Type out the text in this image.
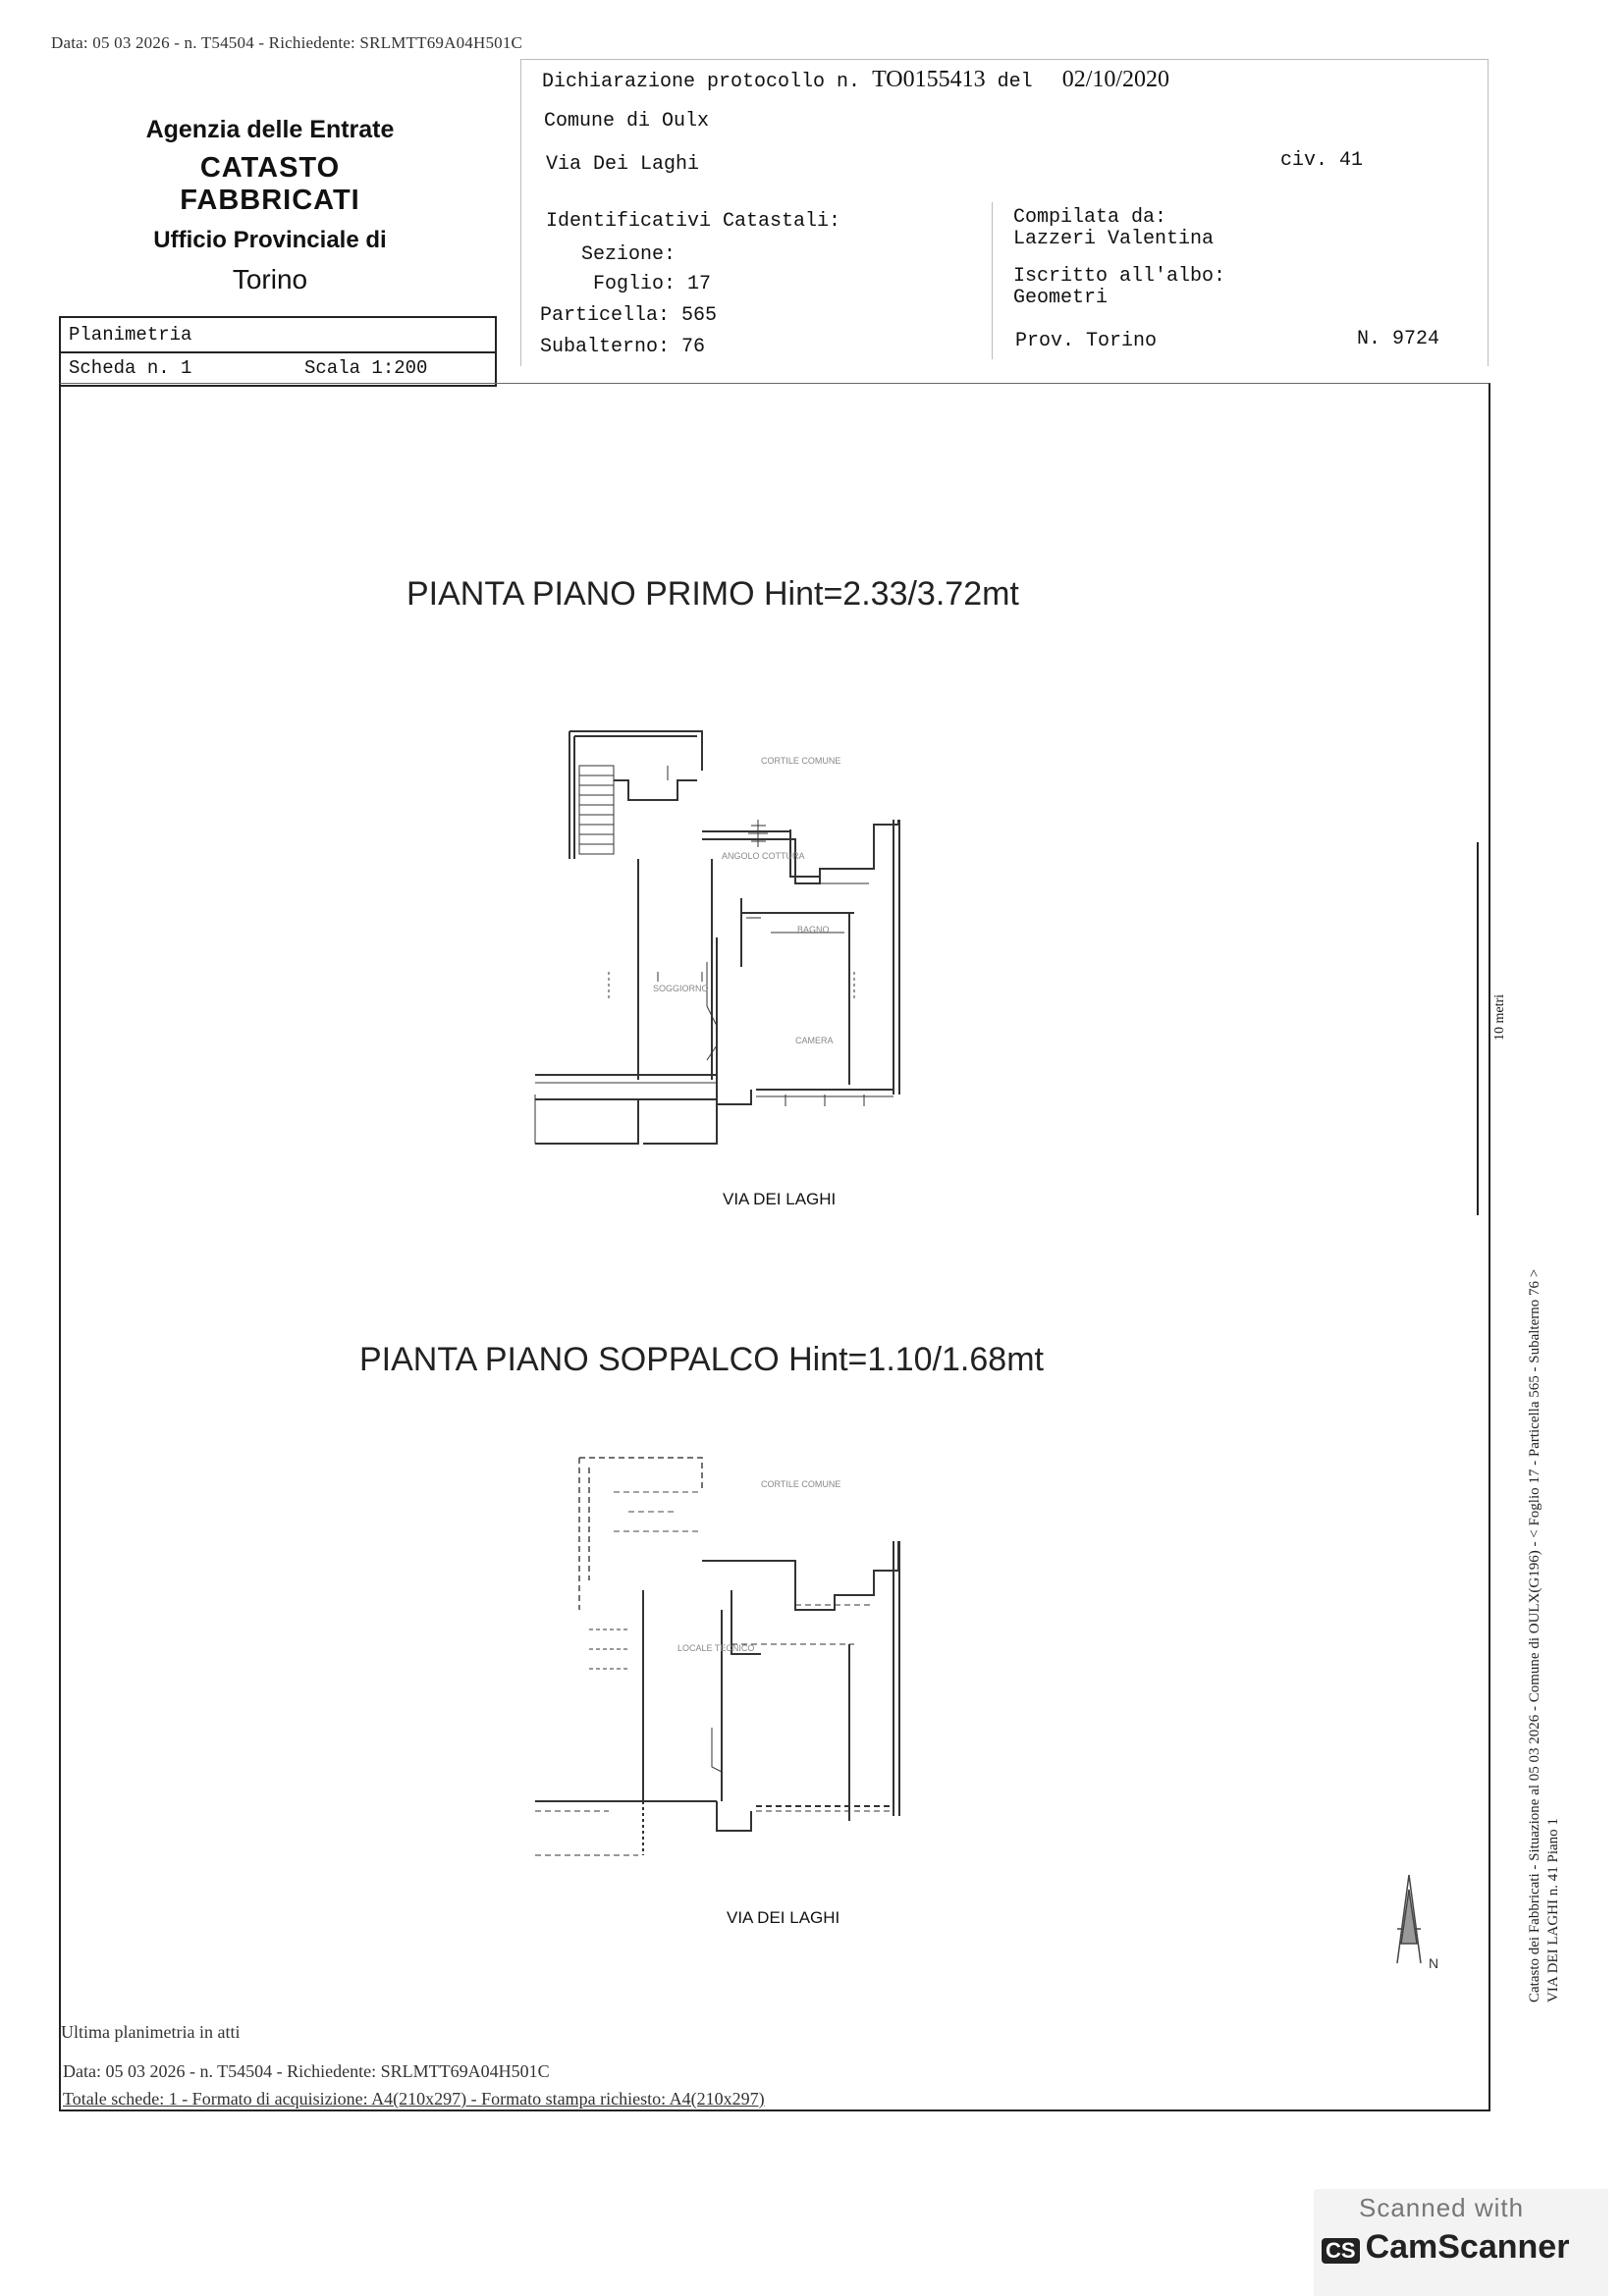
Data: 05 03 2026 - n. T54504 - Richiedente: SRLMTT69A04H501C
Agenzia delle Entrate
CATASTO FABBRICATI
Ufficio Provinciale di
Torino
Planimetria
Scheda n. 1	Scala 1:200
Dichiarazione protocollo n. TO0155413 del 02/10/2020
Comune di Oulx
Via Dei Laghi	civ. 41
Identificativi Catastali:
Sezione:
Foglio: 17
Particella: 565
Subalterno: 76
Compilata da:
Lazzeri Valentina
Iscritto all'albo:
Geometri
Prov. Torino	N. 9724
PIANTA PIANO PRIMO Hint=2.33/3.72mt
PIANTA PIANO SOPPALCO Hint=1.10/1.68mt
CORTILE COMUNE
ANGOLO COTTURA
BAGNO
SOGGIORNO
CAMERA
VIA DEI LAGHI
CORTILE COMUNE
LOCALE TECNICO
VIA DEI LAGHI
N
10 metri
Catasto dei Fabbricati - Situazione al 05 03 2026 - Comune di OULX(G196) - < Foglio 17 - Particella 565 - Subalterno 76 > VIA DEI LAGHI n. 41 Piano 1
Ultima planimetria in atti
Data: 05 03 2026 - n. T54504 - Richiedente: SRLMTT69A04H501C
Totale schede: 1 - Formato di acquisizione: A4(210x297) - Formato stampa richiesto: A4(210x297)
Scanned with
CS CamScanner
